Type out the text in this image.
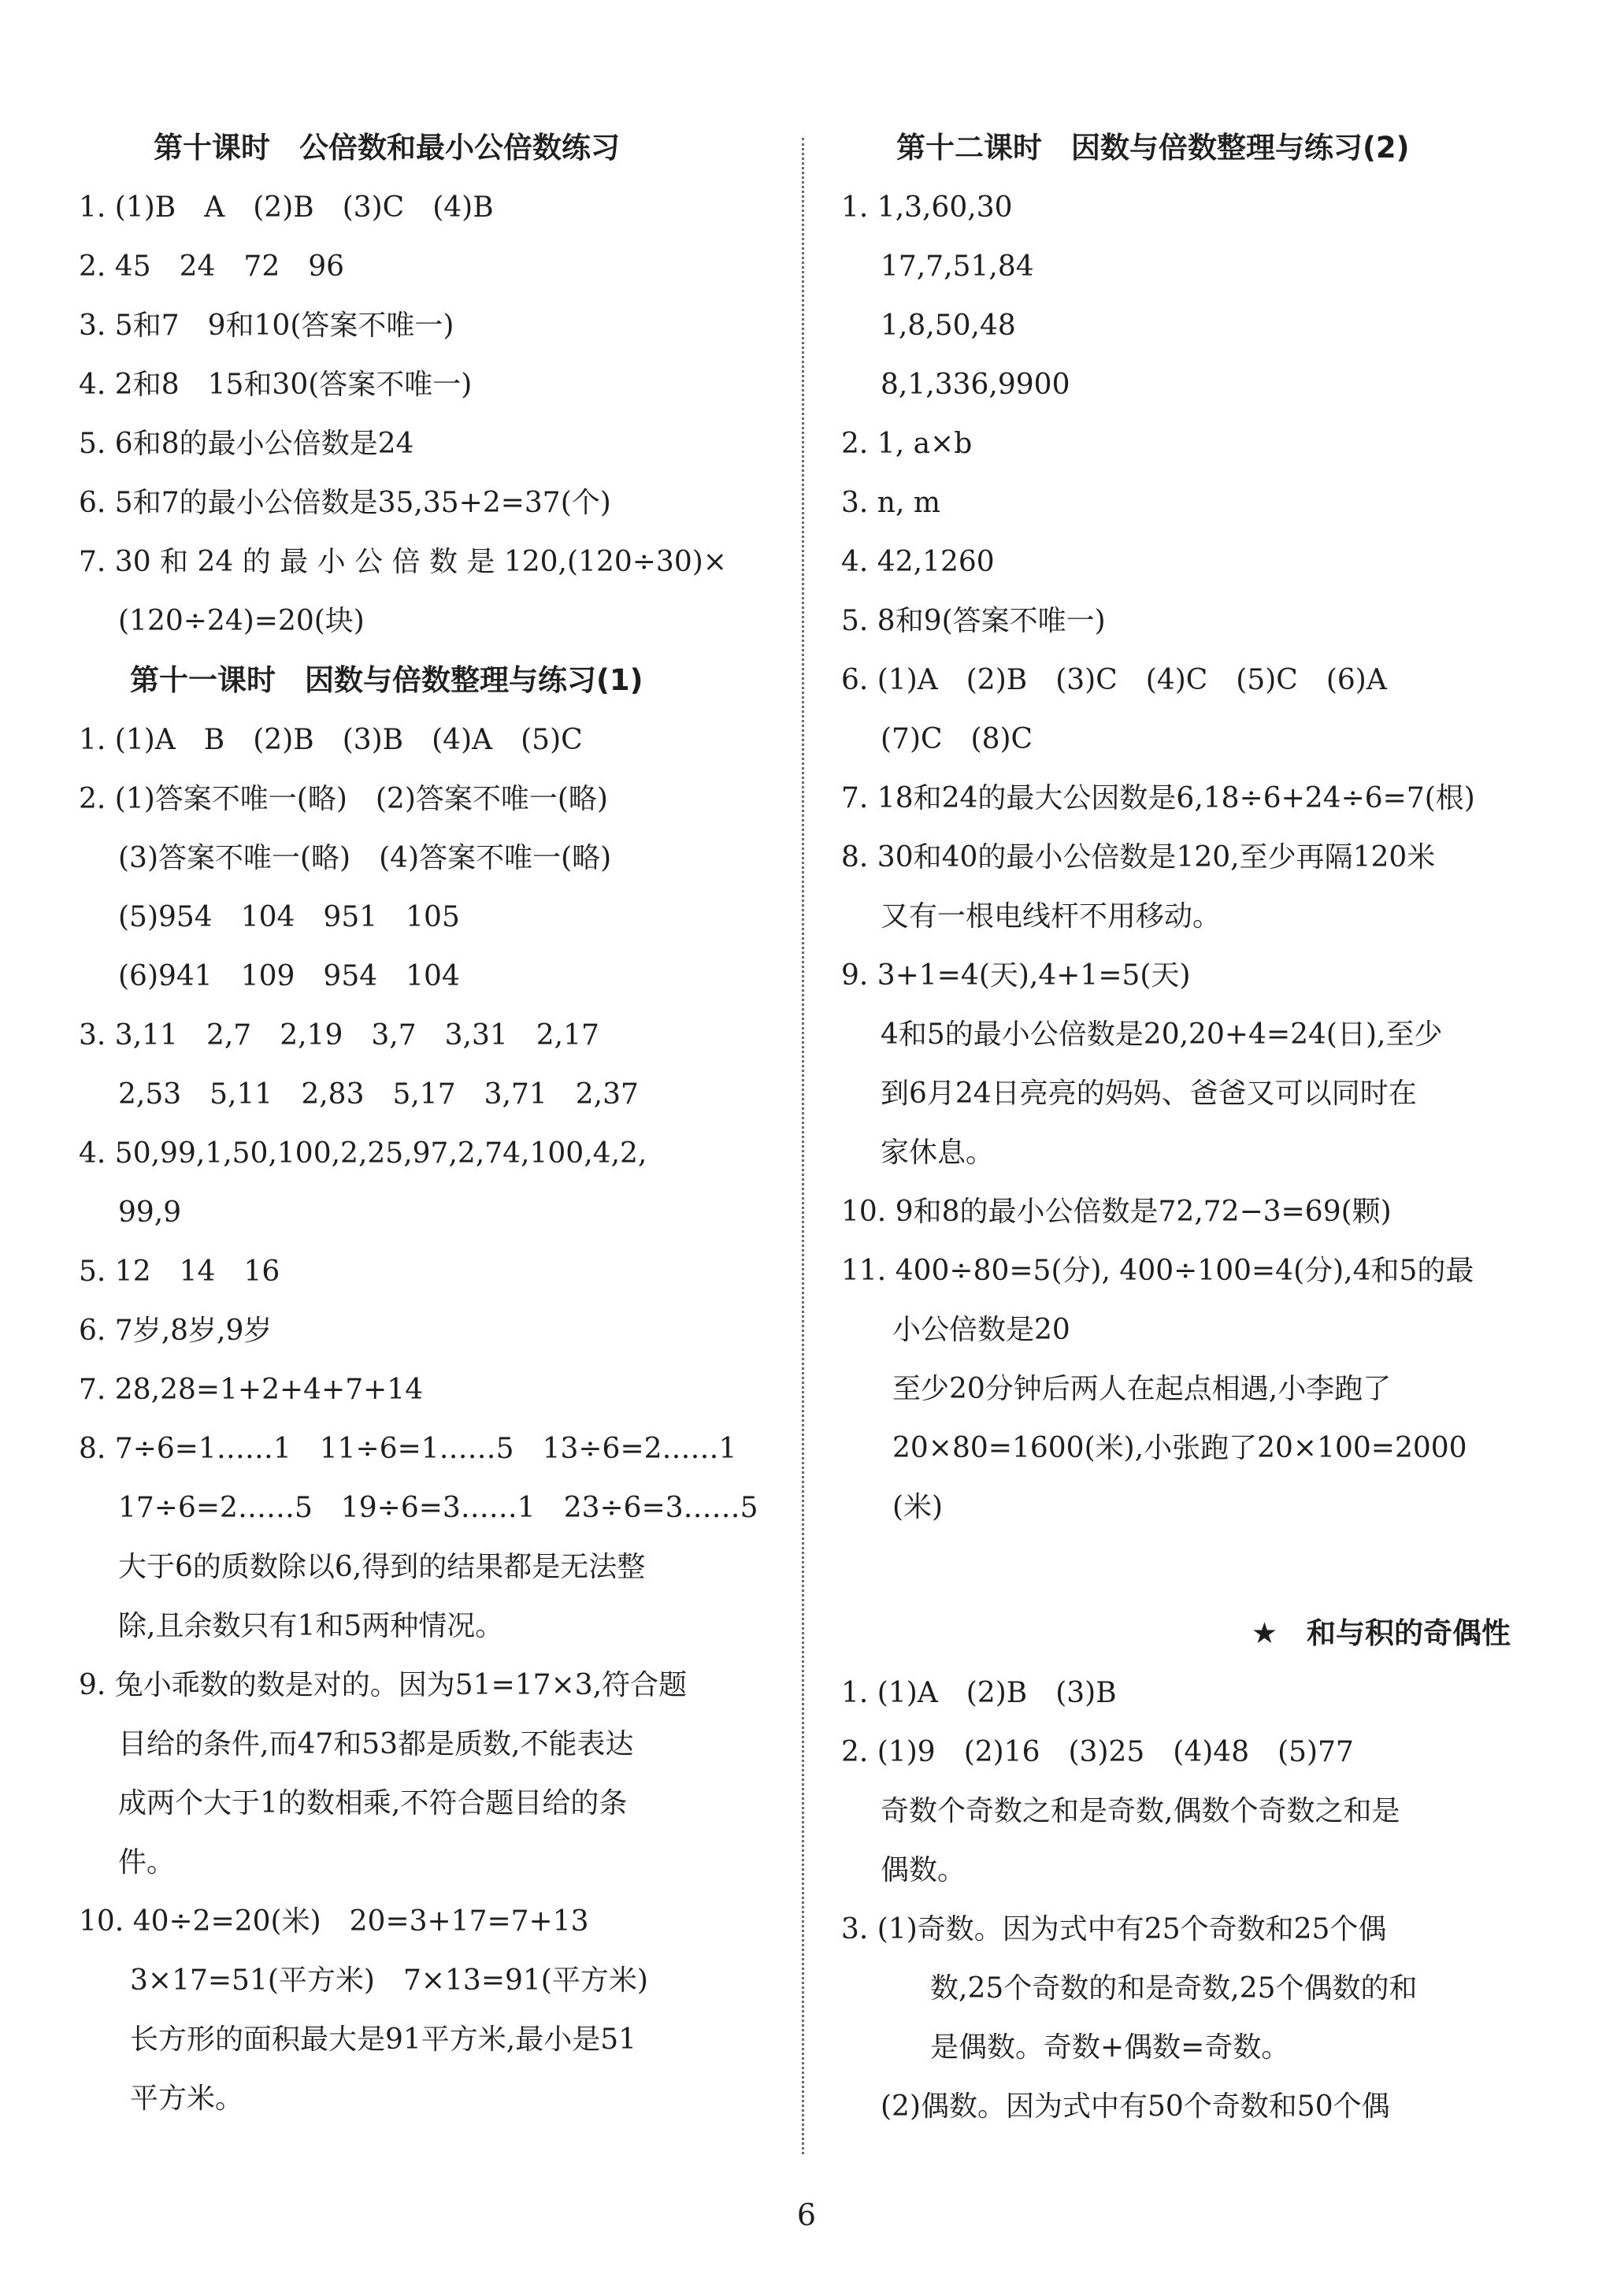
第十课时　公倍数和最小公倍数练习
1. (1)B　A　(2)B　(3)C　(4)B
2. 45　24　72　96
3. 5和7　9和10(答案不唯一)
4. 2和8　15和30(答案不唯一)
5. 6和8的最小公倍数是24
6. 5和7的最小公倍数是35,35+2=37(个)
7. 30 和 24 的 最 小 公 倍 数 是 120,(120÷30)×
(120÷24)=20(块)
第十一课时　因数与倍数整理与练习(1)
1. (1)A　B　(2)B　(3)B　(4)A　(5)C
2. (1)答案不唯一(略)　(2)答案不唯一(略)
(3)答案不唯一(略)　(4)答案不唯一(略)
(5)954　104　951　105
(6)941　109　954　104
3. 3,11　2,7　2,19　3,7　3,31　2,17
2,53　5,11　2,83　5,17　3,71　2,37
4. 50,99,1,50,100,2,25,97,2,74,100,4,2,
99,9
5. 12　14　16
6. 7岁,8岁,9岁
7. 28,28=1+2+4+7+14
8. 7÷6=1……1　11÷6=1……5　13÷6=2……1
17÷6=2……5　19÷6=3……1　23÷6=3……5
大于6的质数除以6,得到的结果都是无法整
除,且余数只有1和5两种情况。
9. 兔小乖数的数是对的。因为51=17×3,符合题
目给的条件,而47和53都是质数,不能表达
成两个大于1的数相乘,不符合题目给的条
件。
10. 40÷2=20(米)　20=3+17=7+13
3×17=51(平方米)　7×13=91(平方米)
长方形的面积最大是91平方米,最小是51
平方米。
第十二课时　因数与倍数整理与练习(2)
1. 1,3,60,30
17,7,51,84
1,8,50,48
8,1,336,9900
2. 1, a×b
3. n, m
4. 42,1260
5. 8和9(答案不唯一)
6. (1)A　(2)B　(3)C　(4)C　(5)C　(6)A
(7)C　(8)C
7. 18和24的最大公因数是6,18÷6+24÷6=7(根)
8. 30和40的最小公倍数是120,至少再隔120米
又有一根电线杆不用移动。
9. 3+1=4(天),4+1=5(天)
4和5的最小公倍数是20,20+4=24(日),至少
到6月24日亮亮的妈妈、爸爸又可以同时在
家休息。
10. 9和8的最小公倍数是72,72−3=69(颗)
11. 400÷80=5(分), 400÷100=4(分),4和5的最
小公倍数是20
至少20分钟后两人在起点相遇,小李跑了
20×80=1600(米),小张跑了20×100=2000
(米)
★　和与积的奇偶性
1. (1)A　(2)B　(3)B
2. (1)9　(2)16　(3)25　(4)48　(5)77
奇数个奇数之和是奇数,偶数个奇数之和是
偶数。
3. (1)奇数。因为式中有25个奇数和25个偶
数,25个奇数的和是奇数,25个偶数的和
是偶数。奇数+偶数=奇数。
(2)偶数。因为式中有50个奇数和50个偶
6
